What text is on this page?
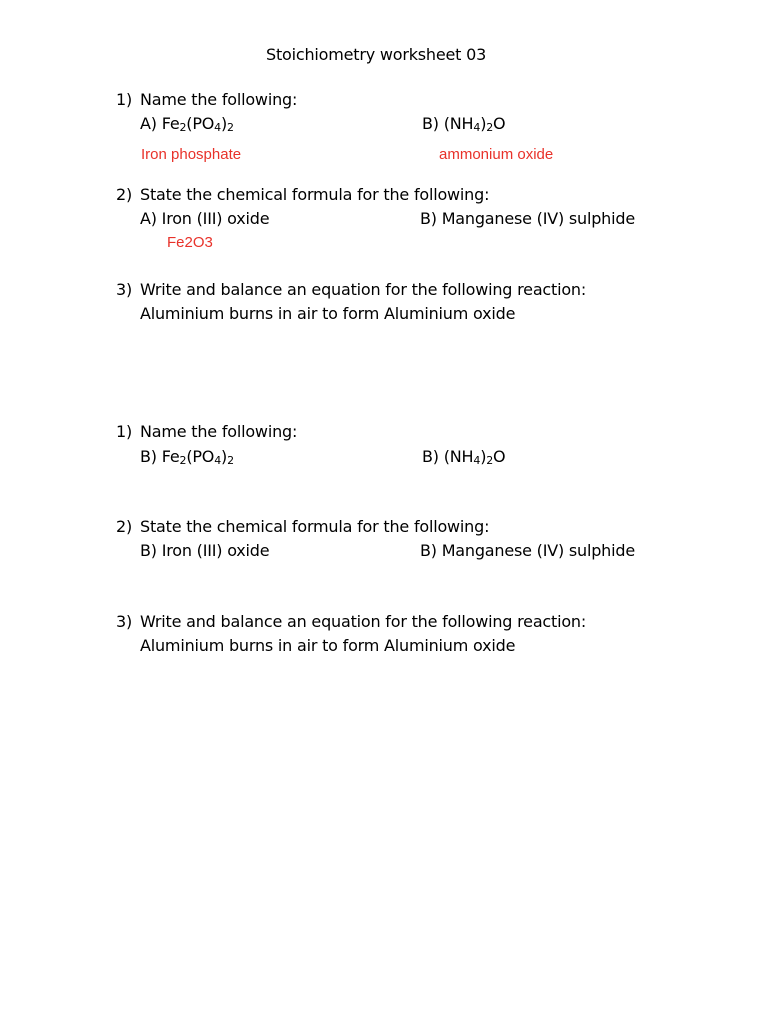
Stoichiometry worksheet 03
1) Name the following:
A) $Fe_2(PO_4)_2$	B) $(NH_4)_2O$
Iron phosphate	ammonium oxide
2) State the chemical formula for the following:
A) Iron (III) oxide	B) Manganese (IV) sulphide
Fe2O3
3) Write and balance an equation for the following reaction:
Aluminium burns in air to form Aluminium oxide
1) Name the following:
B) $Fe_2(PO_4)_2$	B) $(NH_4)_2O$
2) State the chemical formula for the following:
B) Iron (III) oxide	B) Manganese (IV) sulphide
3) Write and balance an equation for the following reaction:
Aluminium burns in air to form Aluminium oxide
